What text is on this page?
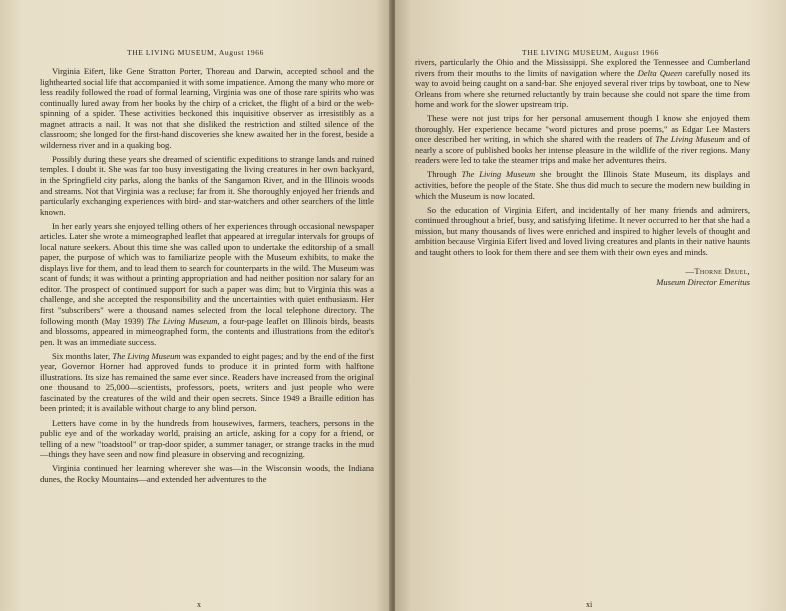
THE LIVING MUSEUM, August 1966

Virginia Eifert, like Gene Stratton Porter, Thoreau and Darwin, accepted school and the lighthearted social life that accompanied it with some impatience. Among the many who more or less readily followed the road of formal learning, Virginia was one of those rare spirits who was continually lured away from her books by the chirp of a cricket, the flight of a bird or the web-spinning of a spider. These activities beckoned this inquisitive observer as irresistibly as a magnet attracts a nail. It was not that she disliked the restriction and stilted silence of the classroom; she longed for the first-hand discoveries she knew awaited her in the forest, beside a wilderness river and in a quaking bog.

Possibly during these years she dreamed of scientific expeditions to strange lands and ruined temples. I doubt it. She was far too busy investigating the living creatures in her own backyard, in the Springfield city parks, along the banks of the Sangamon River, and in the Illinois woods and streams. Not that Virginia was a recluse; far from it. She thoroughly enjoyed her friends and particularly exchanging experiences with bird- and star-watchers and other searchers of the little known.

In her early years she enjoyed telling others of her experiences through occasional newspaper articles. Later she wrote a mimeographed leaflet that appeared at irregular intervals for groups of local nature seekers. About this time she was called upon to undertake the editorship of a small paper, the purpose of which was to familiarize people with the Museum exhibits, to make the displays live for them, and to lead them to search for counterparts in the wild. The Museum was scant of funds; it was without a printing appropriation and had neither position nor salary for an editor. The prospect of continued support for such a paper was dim; but to Virginia this was a challenge, and she accepted the responsibility and the uncertainties with quiet enthusiasm. Her first "subscribers" were a thousand names selected from the local telephone directory. The following month (May 1939) The Living Museum, a four-page leaflet on Illinois birds, beasts and blossoms, appeared in mimeographed form, the contents and illustrations from the editor's pen. It was an immediate success.

Six months later, The Living Museum was expanded to eight pages; and by the end of the first year, Governor Horner had approved funds to produce it in printed form with halftone illustrations. Its size has remained the same ever since. Readers have increased from the original one thousand to 25,000—scientists, professors, poets, writers and just people who were fascinated by the creatures of the wild and their open secrets. Since 1949 a Braille edition has been printed; it is available without charge to any blind person.

Letters have come in by the hundreds from housewives, farmers, teachers, persons in the public eye and of the workaday world, praising an article, asking for a copy for a friend, or telling of a new "toadstool" or trap-door spider, a summer tanager, or strange tracks in the mud—things they have seen and now find pleasure in observing and recognizing.

Virginia continued her learning wherever she was—in the Wisconsin woods, the Indiana dunes, the Rocky Mountains—and extended her adventures to the

x
THE LIVING MUSEUM, August 1966

rivers, particularly the Ohio and the Mississippi. She explored the Tennessee and Cumberland rivers from their mouths to the limits of navigation where the Delta Queen carefully nosed its way to avoid being caught on a sand-bar. She enjoyed several river trips by towboat, one to New Orleans from where she returned reluctantly by train because she could not spare the time from home and work for the slower upstream trip.

These were not just trips for her personal amusement though I know she enjoyed them thoroughly. Her experience became "word pictures and prose poems," as Edgar Lee Masters once described her writing, in which she shared with the readers of The Living Museum and of nearly a score of published books her intense pleasure in the wildlife of the river regions. Many readers were led to take the steamer trips and make her adventures theirs.

Through The Living Museum she brought the Illinois State Museum, its displays and activities, before the people of the State. She thus did much to secure the modern new building in which the Museum is now located.

So the education of Virginia Eifert, and incidentally of her many friends and admirers, continued throughout a brief, busy, and satisfying lifetime. It never occurred to her that she had a mission, but many thousands of lives were enriched and inspired to higher levels of thought and ambition because Virginia Eifert lived and loved living creatures and plants in their native haunts and taught others to look for them there and see them with their own eyes and minds.

—Thorne Deuel,
Museum Director Emeritus
xi
